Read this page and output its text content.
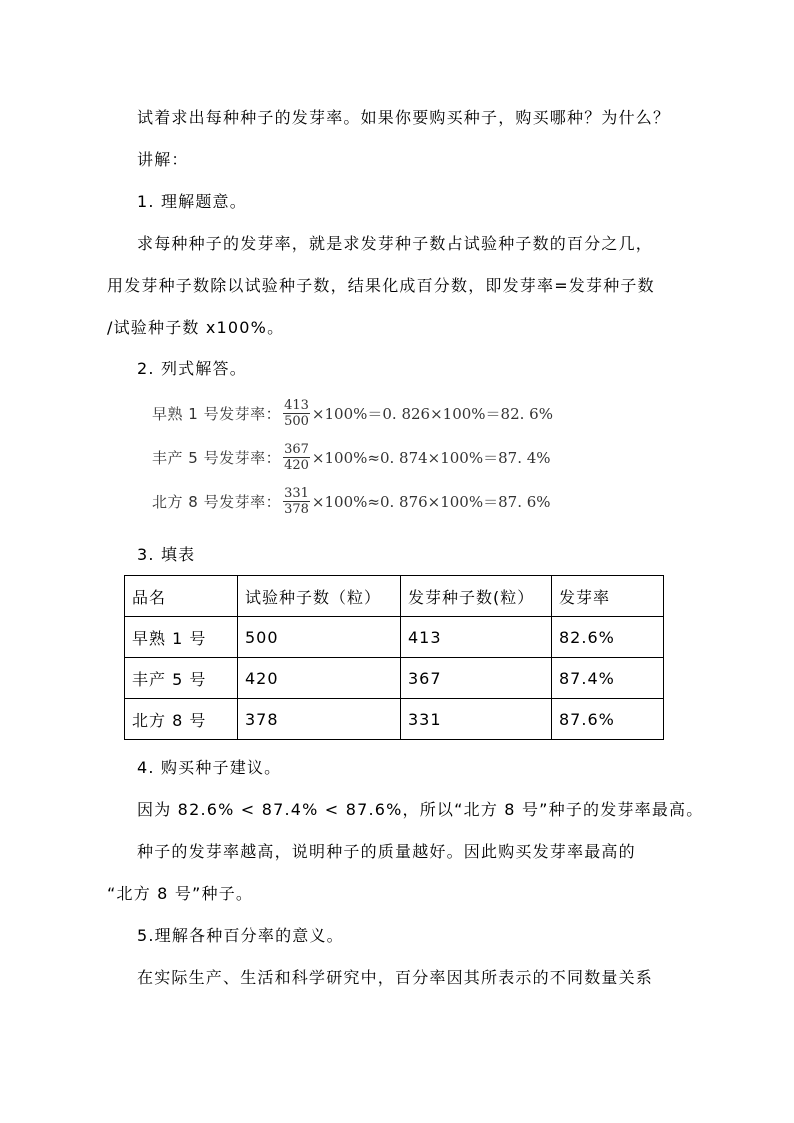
试着求出每种种子的发芽率。如果你要购买种子，购买哪种？为什么？
讲解：
1. 理解题意。
求每种种子的发芽率，就是求发芽种子数占试验种子数的百分之几，
用发芽种子数除以试验种子数，结果化成百分数，即发芽率=发芽种子数
/试验种子数 x100%。
2. 列式解答。
早熟 1 号发芽率： $\frac{413}{500} \times 100\%=0$. 826×100%＝82. 6%
丰产 5 号发芽率： $\frac{367}{420} \times 100\%\approx 0$. 874×100%＝87. 4%
北方 8 号发芽率： $\frac{331}{378} \times 100\%\approx 0$. 876×100%＝87. 6%
3. 填表
品名	试验种子数（粒）	发芽种子数(粒）	发芽率
早熟 1 号	500	413	82.6%
丰产 5 号	420	367	87.4%
北方 8 号	378	331	87.6%
4. 购买种子建议。
因为 82.6% < 87.4% < 87.6%，所以“北方 8 号”种子的发芽率最高。
种子的发芽率越高，说明种子的质量越好。因此购买发芽率最高的
“北方 8 号”种子。
5.理解各种百分率的意义。
在实际生产、生活和科学研究中，百分率因其所表示的不同数量关系
